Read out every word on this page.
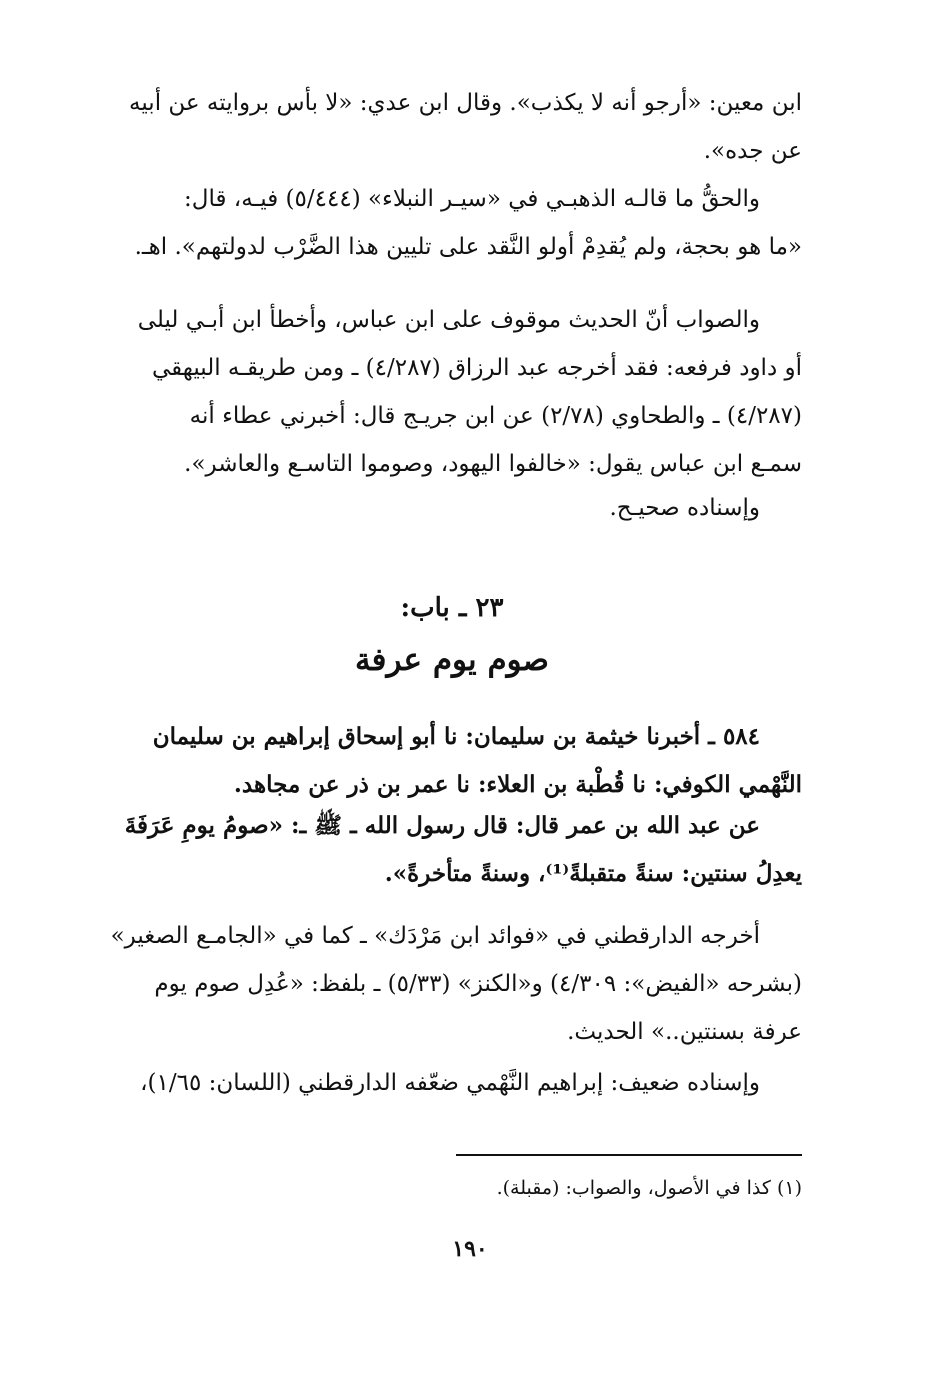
ابن معين: «أرجو أنه لا يكذب». وقال ابن عدي: «لا بأس بروايته عن أبيه
عن جده».

والحقُّ ما قالـه الذهبـي في «سيـر النبلاء» (٥/٤٤٤) فيـه، قال:
«ما هو بحجة، ولم يُقدِمْ أولو النَّقد على تليين هذا الضَّرْب لدولتهم». اهـ.

والصواب أنّ الحديث موقوف على ابن عباس، وأخطأ ابن أبـي ليلى
أو داود فرفعه: فقد أخرجه عبد الرزاق (٤/٢٨٧) ـ ومن طريقـه البيهقي
(٤/٢٨٧) ـ والطحاوي (٢/٧٨) عن ابن جريـج قال: أخبرني عطاء أنه
سمـع ابن عباس يقول: «خالفوا اليهود، وصوموا التاسـع والعاشر».

وإسناده صحيـح.

٢٣ ـ باب:
صوم يوم عرفة

٥٨٤ ـ أخبرنا خيثمة بن سليمان: نا أبو إسحاق إبراهيم بن سليمان
النَّهْمي الكوفي: نا قُطْبة بن العلاء: نا عمر بن ذر عن مجاهد.

عن عبد الله بن عمر قال: قال رسول الله ـ ﷺ ـ: «صومُ يومِ عَرَفَةَ
يعدِلُ سنتين: سنةً متقبلةً⁽¹⁾، وسنةً متأخرةً».

أخرجه الدارقطني في «فوائد ابن مَرْدَك» ـ كما في «الجامـع الصغير»
(بشرحه «الفيض»: ٤/٣٠٩) و«الكنز» (٥/٣٣) ـ بلفظ: «عُدِل صوم يوم
عرفة بسنتين..» الحديث.

وإسناده ضعيف: إبراهيم النَّهْمي ضعّفه الدارقطني (اللسان: ١/٦٥)،

(١) كذا في الأصول، والصواب: (مقبلة).

١٩٠
